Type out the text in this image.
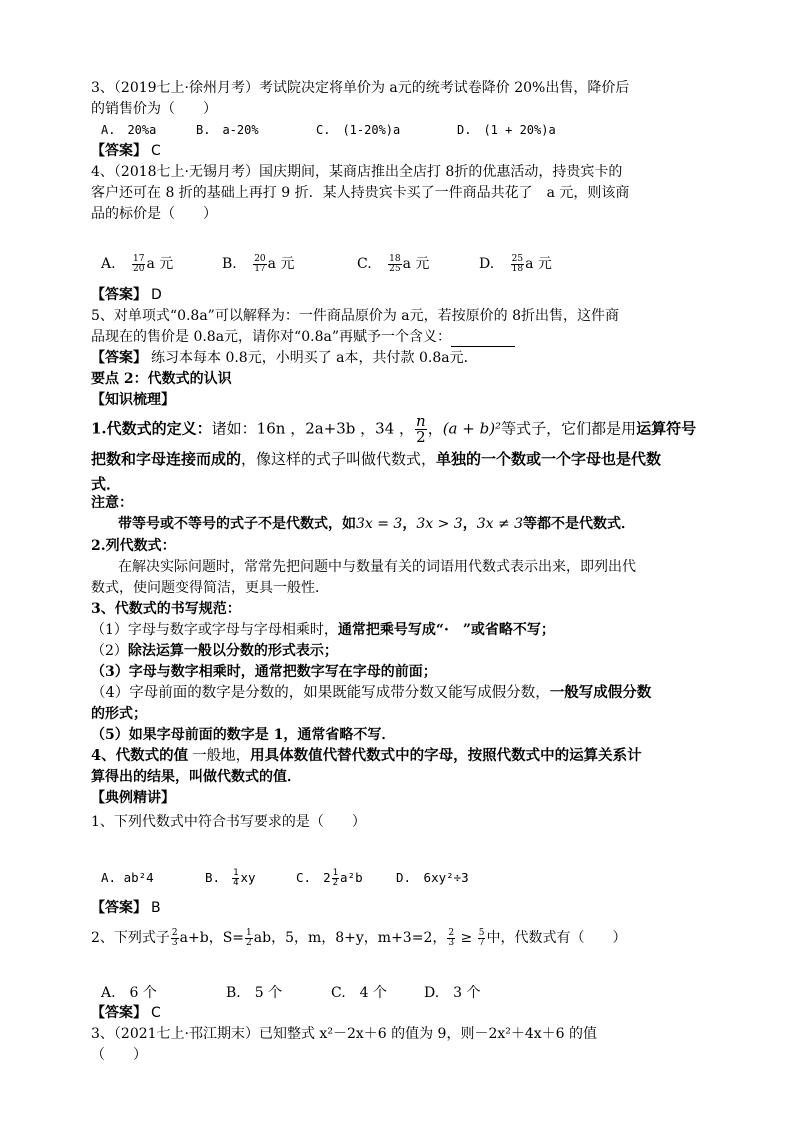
3、（2019七上·徐州月考）考试院决定将单价为 a元的统考试卷降价 20%出售，降价后
的销售价为（　　）
A.　20%a	B.　a-20%	C.　(1-20%)a	D.　(1 + 20%)a
【答案】 C
4、（2018七上·无锡月考）国庆期间，某商店推出全店打 8折的优惠活动，持贵宾卡的
客户还可在 8 折的基础上再打 9 折．某人持贵宾卡买了一件商品共花了　a 元，则该商
品的标价是（　　）
A. $\frac{17}{20}$ a 元	B. $\frac{20}{17}$ a 元	C. $\frac{18}{25}$ a 元	D. $\frac{25}{18}$ a 元
【答案】 D
5、对单项式“0.8a”可以解释为：一件商品原价为 a元，若按原价的 8折出售，这件商
品现在的售价是 0.8a元，请你对“0.8a”再赋予一个含义：
【答案】 练习本每本 0.8元，小明买了 a本，共付款 0.8a元．
要点 2：代数式的认识
【知识梳理】
1.代数式的定义：诸如：16n ，2a+3b ，34 ， $\frac{n}{2}$ ，(a + b)²等式子，它们都是用运算符号
把数和字母连接而成的，像这样的式子叫做代数式，单独的一个数或一个字母也是代数
式．
注意：
带等号或不等号的式子不是代数式，如3x = 3，3x > 3，3x ≠ 3等都不是代数式．
2.列代数式：
在解决实际问题时，常常先把问题中与数量有关的词语用代数式表示出来，即列出代
数式，使问题变得简洁，更具一般性．
3、代数式的书写规范：
（1）字母与数字或字母与字母相乘时，通常把乘号写成“·　”或省略不写；
（2）除法运算一般以分数的形式表示；
（3）字母与数字相乘时，通常把数字写在字母的前面；
（4）字母前面的数字是分数的，如果既能写成带分数又能写成假分数，一般写成假分数
的形式；
（5）如果字母前面的数字是 1，通常省略不写．
4、代数式的值 一般地，用具体数值代替代数式中的字母，按照代数式中的运算关系计
算得出的结果，叫做代数式的值．
【典例精讲】
1、下列代数式中符合书写要求的是（　　）
A. ab²4	B. $\frac{1}{4}$ xy	C. $2 \frac{1}{2} a^2b$	D.　6xy²÷3
【答案】 B
2、下列式子 $\frac{2}{3} a+b$，$S= \frac{1}{2}$ ab，5，m，8+y，m+3=2， $\frac{2}{3} \ge \frac{5}{7}$ 中，代数式有（　　）
A.　6 个	B.　5 个	C.　4 个	D.　3 个
【答案】 C
3、（2021七上·邗江期末）已知整式 x²－2x＋6 的值为 9，则－2x²＋4x＋6 的值
（　　）
